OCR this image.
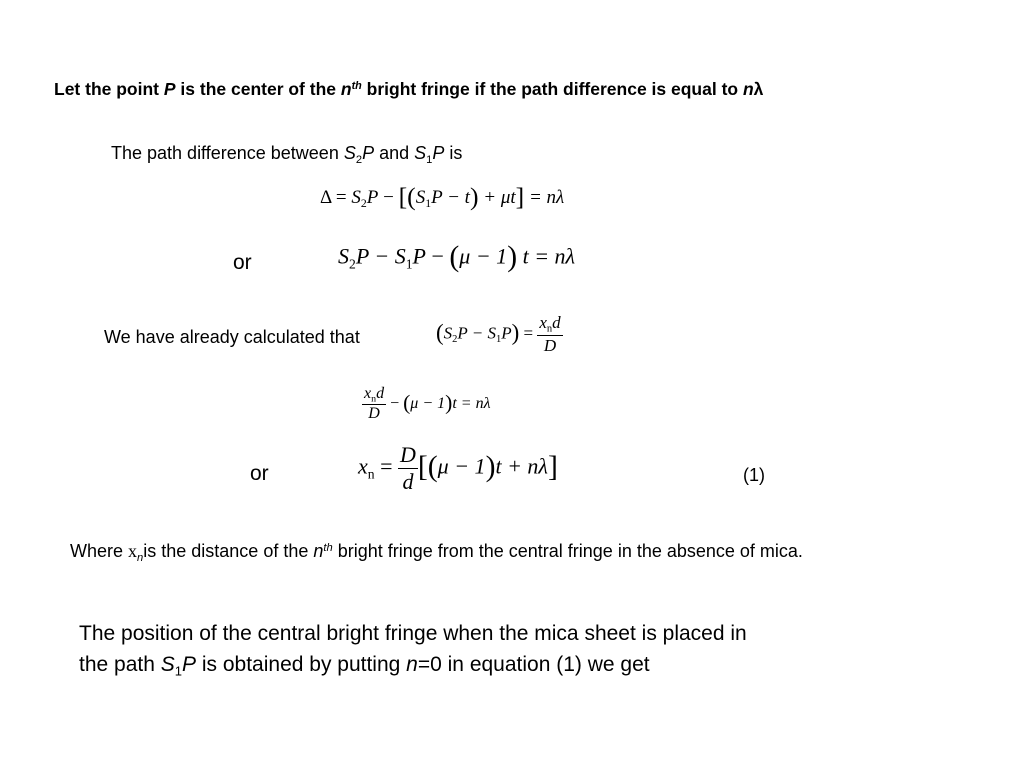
Let the point P is the center of the $n^{th}$ bright fringe if the path difference is equal to nλ
The path difference between $S_2P$ and $S_1P$ is
$\Delta = S_2P - [(S_1P - t) + \mu t] = n\lambda$
or	$S_2P - S_1P - (\mu - 1) t = n\lambda$
We have already calculated that	$(S_2P - S_1P) = \frac{x_nd}{D}$
$\frac{x_nd}{D} - (\mu - 1)t = n\lambda$
or	$x_n = \frac{D}{d} [(\mu - 1)t + n\lambda]$	(1)
Where $x_nis$ the distance of the $n^{th}$ bright fringe from the central fringe in the absence of mica.
The position of the central bright fringe when the mica sheet is placed in
the path $S_1P$ is obtained by putting n=0 in equation (1) we get
